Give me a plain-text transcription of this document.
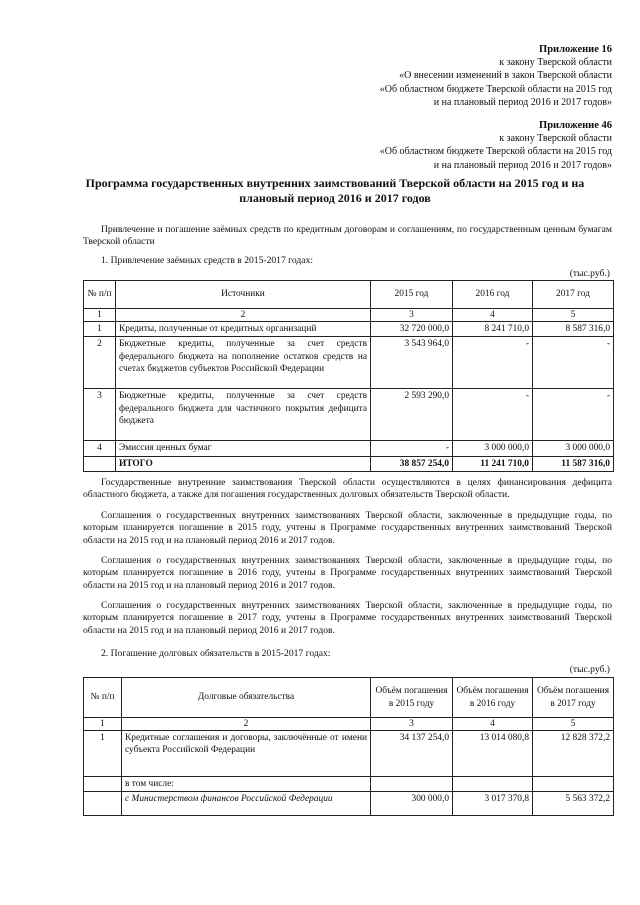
Приложение 16
к закону Тверской области
«О внесении изменений в закон Тверской области
«Об областном бюджете Тверской области на 2015 год
и на плановый период 2016 и 2017 годов»
Приложение 46
к закону Тверской области
«Об областном бюджете Тверской области на 2015 год
и на плановый период 2016 и 2017 годов»
Программа государственных внутренних заимствований Тверской области на 2015 год и на плановый период 2016 и 2017 годов
Привлечение и погашение заёмных средств по кредитным договорам и соглашениям, по государственным ценным бумагам Тверской области
1. Привлечение заёмных средств в 2015-2017 годах:
(тыс.руб.)
№ п/п	Источники	2015 год	2016 год	2017 год
1	2	3	4	5
1	Кредиты, полученные от кредитных организаций	32 720 000,0	8 241 710,0	8 587 316,0
2	Бюджетные кредиты, полученные за счет средств федерального бюджета на пополнение остатков средств на счетах бюджетов субъектов Российской Федерации	3 543 964,0	-	-
3	Бюджетные кредиты, полученные за счет средств федерального бюджета для частичного покрытия дефицита бюджета	2 593 290,0	-	-
4	Эмиссия ценных бумаг	-	3 000 000,0	3 000 000,0
	ИТОГО	38 857 254,0	11 241 710,0	11 587 316,0
Государственные внутренние заимствования Тверской области осуществляются в целях финансирования дефицита областного бюджета, а также для погашения государственных долговых обязательств Тверской области.
Соглашения о государственных внутренних заимствованиях Тверской области, заключенные в предыдущие годы, по которым планируется погашение в 2015 году, учтены в Программе государственных внутренних заимствований Тверской области на 2015 год и на плановый период 2016 и 2017 годов.
Соглашения о государственных внутренних заимствованиях Тверской области, заключенные в предыдущие годы, по которым планируется погашение в 2016 году, учтены в Программе государственных внутренних заимствований Тверской области на 2015 год и на плановый период 2016 и 2017 годов.
Соглашения о государственных внутренних заимствованиях Тверской области, заключенные в предыдущие годы, по которым планируется погашение в 2017 году, учтены в Программе государственных внутренних заимствований Тверской области на 2015 год и на плановый период 2016 и 2017 годов.
2. Погашение долговых обязательств в 2015-2017 годах:
(тыс.руб.)
№ п/п	Долговые обязательства	Объём погашения в 2015 году	Объём погашения в 2016 году	Объём погашения в 2017 году
1	2	3	4	5
1	Кредитные соглашения и договоры, заключённые от имени субъекта Российской Федерации	34 137 254,0	13 014 080,8	12 828 372,2
	в том числе:			
	с Министерством финансов Российской Федерации	300 000,0	3 017 370,8	5 563 372,2
